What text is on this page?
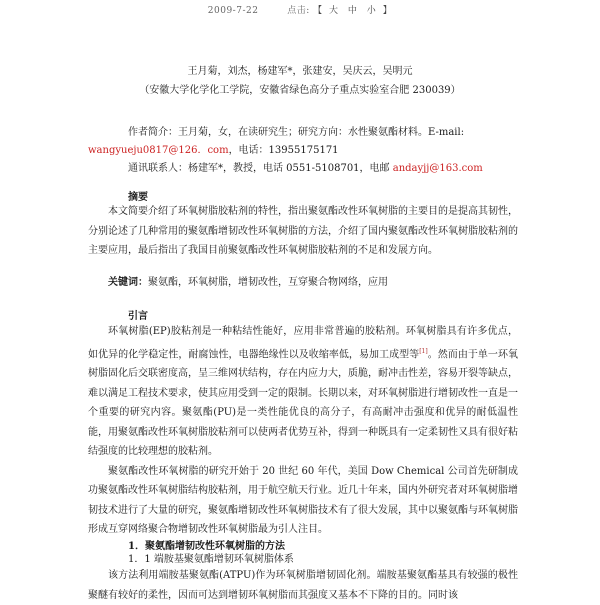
2009-7-22	点击: 【 大 中 小 】
王月菊，刘杰，杨建军*，张建安，吴庆云，吴明元
（安徽大学化学化工学院，安徽省绿色高分子重点实验室合肥 230039）
作者简介：王月菊，女，在读研究生；研究方向：水性聚氨酯材料。E-mail:
wangyueju0817@126．com，电话：13955175171
通讯联系人：杨建军*，教授，电话 0551-5108701，电邮 andayjj@163.com
摘要

本文简要介绍了环氧树脂胶粘剂的特性，指出聚氨酯改性环氧树脂的主要目的是提高其韧性，分别论述了几种常用的聚氨酯增韧改性环氧树脂的方法，介绍了国内聚氨酯改性环氧树脂胶粘剂的主要应用，最后指出了我国目前聚氨酯改性环氧树脂胶粘剂的不足和发展方向。

关键词：聚氨酯，环氧树脂，增韧改性，互穿聚合物网络，应用
引言

环氧树脂(EP)胶粘剂是一种粘结性能好，应用非常普遍的胶粘剂。环氧树脂具有许多优点，如优异的化学稳定性，耐腐蚀性，电器绝缘性以及收缩率低，易加工成型等[1]。然而由于单一环氧树脂固化后交联密度高，呈三维网状结构，存在内应力大，质脆，耐冲击性差，容易开裂等缺点，难以满足工程技术要求，使其应用受到一定的限制。长期以来，对环氧树脂进行增韧改性一直是一个重要的研究内容。聚氨酯(PU)是一类性能优良的高分子，有高耐冲击强度和优异的耐低温性能，用聚氨酯改性环氧树脂胶粘剂可以使两者优势互补，得到一种既具有一定柔韧性又具有很好粘结强度的比较理想的胶粘剂。

聚氨酯改性环氧树脂的研究开始于 20 世纪 60 年代，美国 Dow Chemical 公司首先研制成功聚氨酯改性环氧树脂结构胶粘剂，用于航空航天行业。近几十年来，国内外研究者对环氧树脂增韧技术进行了大量的研究，聚氨酯增韧改性环氧树脂技术有了很大发展，其中以聚氨酯与环氧树脂形成互穿网络聚合物增韧改性环氧树脂最为引人注目。

1．聚氨酯增韧改性环氧树脂的方法
1．1 端胺基聚氨酯增韧环氧树脂体系

该方法利用端胺基聚氨酯(ATPU)作为环氧树脂增韧固化剂。端胺基聚氨酯基具有较强的极性聚醚有较好的柔性，因而可达到增韧环氧树脂而其强度又基本不下降的目的。同时该
